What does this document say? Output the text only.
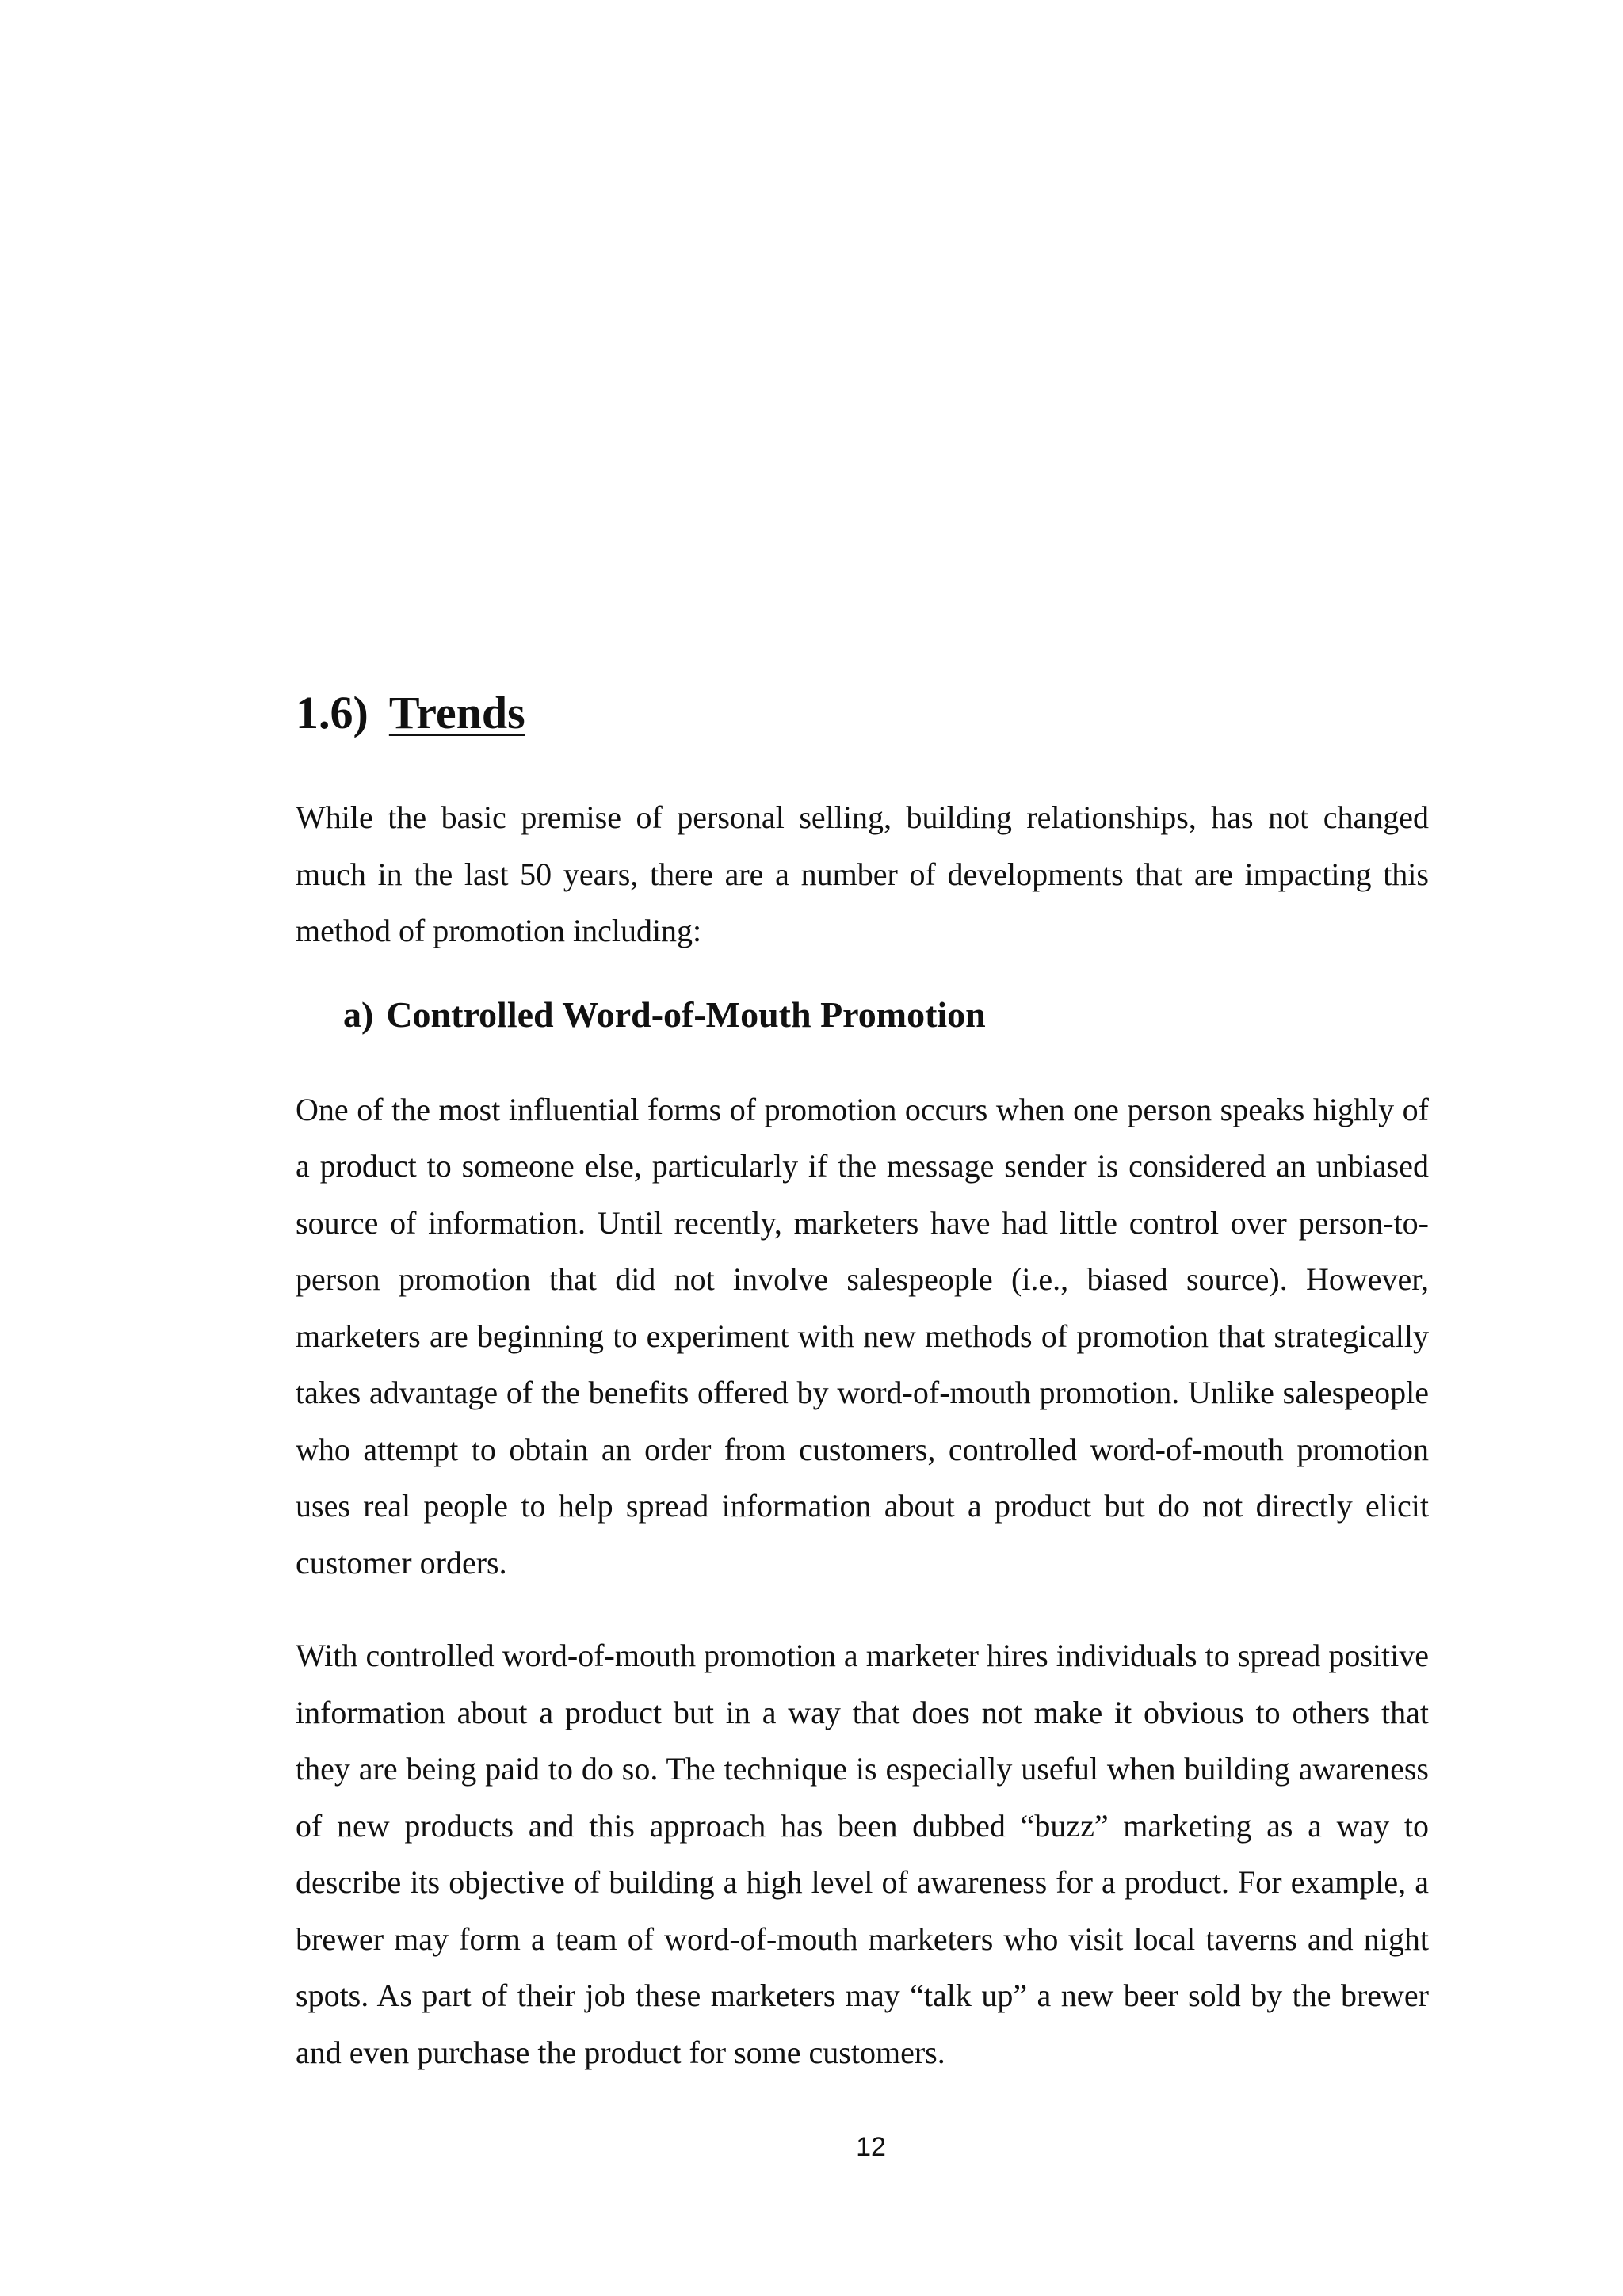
1.6) Trends

While the basic premise of personal selling, building relationships, has not changed much in the last 50 years, there are a number of developments that are impacting this method of promotion including:

a) Controlled Word-of-Mouth Promotion

One of the most influential forms of promotion occurs when one person speaks highly of a product to someone else, particularly if the message sender is considered an unbiased source of information. Until recently, marketers have had little control over person-to-person promotion that did not involve salespeople (i.e., biased source). However, marketers are beginning to experiment with new methods of promotion that strategically takes advantage of the benefits offered by word-of-mouth promotion. Unlike salespeople who attempt to obtain an order from customers, controlled word-of-mouth promotion uses real people to help spread information about a product but do not directly elicit customer orders.

With controlled word-of-mouth promotion a marketer hires individuals to spread positive information about a product but in a way that does not make it obvious to others that they are being paid to do so. The technique is especially useful when building awareness of new products and this approach has been dubbed “buzz” marketing as a way to describe its objective of building a high level of awareness for a product. For example, a brewer may form a team of word-of-mouth marketers who visit local taverns and night spots. As part of their job these marketers may “talk up” a new beer sold by the brewer and even purchase the product for some customers.

12
